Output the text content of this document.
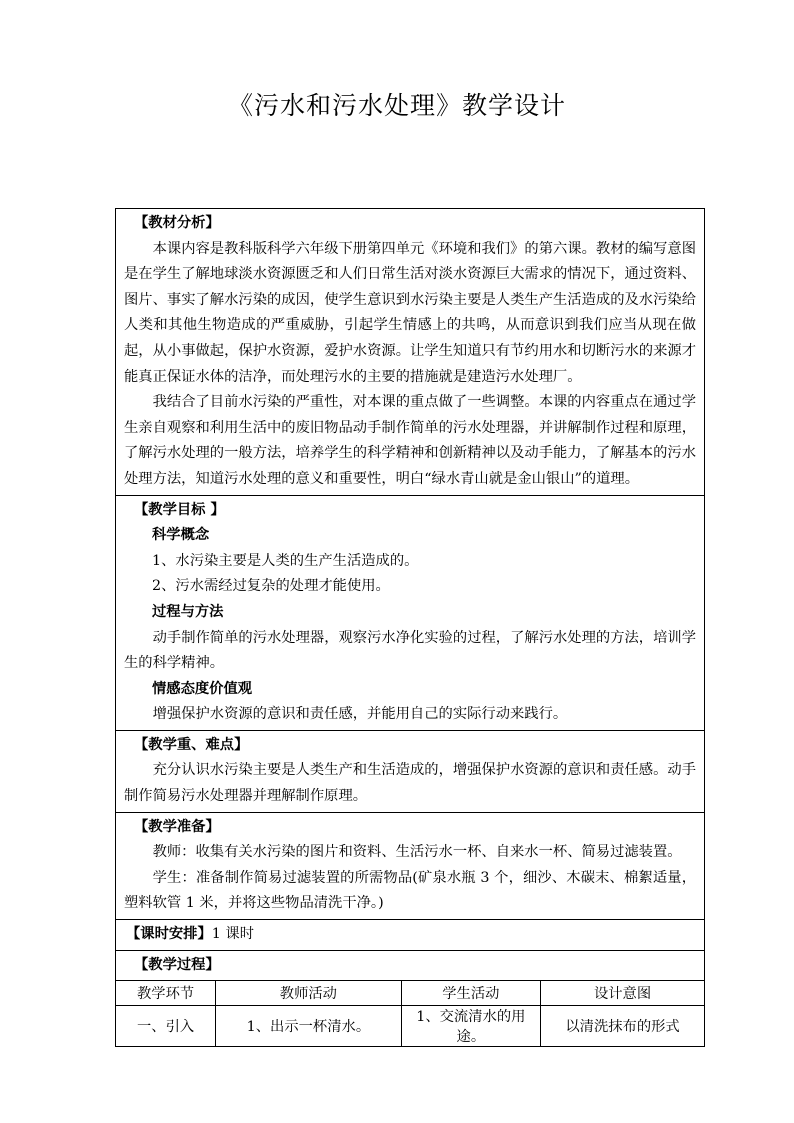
《污水和污水处理》教学设计
【教材分析】

本课内容是教科版科学六年级下册第四单元《环境和我们》的第六课。教材的编写意图是在学生了解地球淡水资源匮乏和人们日常生活对淡水资源巨大需求的情况下，通过资料、图片、事实了解水污染的成因，使学生意识到水污染主要是人类生产生活造成的及水污染给人类和其他生物造成的严重威胁，引起学生情感上的共鸣，从而意识到我们应当从现在做起，从小事做起，保护水资源，爱护水资源。让学生知道只有节约用水和切断污水的来源才能真正保证水体的洁净，而处理污水的主要的措施就是建造污水处理厂。

我结合了目前水污染的严重性，对本课的重点做了一些调整。本课的内容重点在通过学生亲自观察和利用生活中的废旧物品动手制作简单的污水处理器，并讲解制作过程和原理，了解污水处理的一般方法，培养学生的科学精神和创新精神以及动手能力，了解基本的污水处理方法，知道污水处理的意义和重要性，明白“绿水青山就是金山银山”的道理。

【教学目标 】
科学概念

1、水污染主要是人类的生产生活造成的。

2、污水需经过复杂的处理才能使用。

过程与方法

动手制作简单的污水处理器，观察污水净化实验的过程，了解污水处理的方法，培训学生的科学精神。

情感态度价值观

增强保护水资源的意识和责任感，并能用自己的实际行动来践行。

【教学重、难点】

充分认识水污染主要是人类生产和生活造成的，增强保护水资源的意识和责任感。动手制作简易污水处理器并理解制作原理。

【教学准备】

教师：收集有关水污染的图片和资料、生活污水一杯、自来水一杯、简易过滤装置。

学生：准备制作简易过滤装置的所需物品(矿泉水瓶 3 个，细沙、木碳末、棉絮适量，塑料软管 1 米，并将这些物品清洗干净。)

【课时安排】1 课时
【教学过程】
教学环节	教师活动	学生活动	设计意图
一、引入	1、出示一杯清水。	1、交流清水的用途。	以清洗抹布的形式
